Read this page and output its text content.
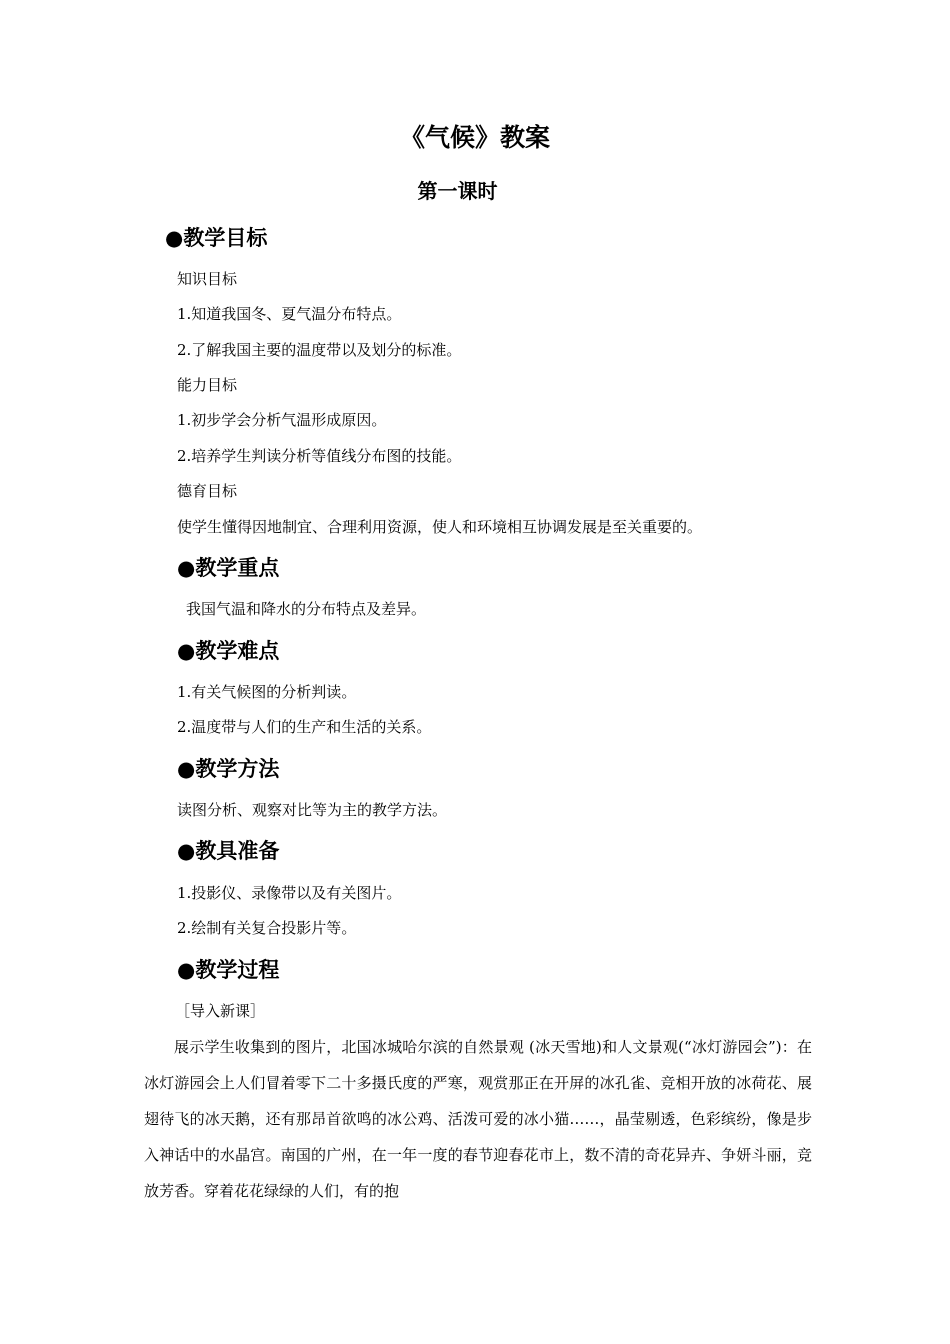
《气候》教案
第一课时
●教学目标
知识目标
1.知道我国冬、夏气温分布特点。
2.了解我国主要的温度带以及划分的标准。
能力目标
1.初步学会分析气温形成原因。
2.培养学生判读分析等值线分布图的技能。
德育目标
使学生懂得因地制宜、合理利用资源，使人和环境相互协调发展是至关重要的。
●教学重点
我国气温和降水的分布特点及差异。
●教学难点
1.有关气候图的分析判读。
2.温度带与人们的生产和生活的关系。
●教学方法
读图分析、观察对比等为主的教学方法。
●教具准备
1.投影仪、录像带以及有关图片。
2.绘制有关复合投影片等。
●教学过程
［导入新课］
展示学生收集到的图片，北国冰城哈尔滨的自然景观 (冰天雪地)和人文景观(“冰灯游园会”)：在冰灯游园会上人们冒着零下二十多摄氏度的严寒，观赏那正在开屏的冰孔雀、竞相开放的冰荷花、展翅待飞的冰天鹅，还有那昂首欲鸣的冰公鸡、活泼可爱的冰小猫……，晶莹剔透，色彩缤纷，像是步入神话中的水晶宫。南国的广州，在一年一度的春节迎春花市上，数不清的奇花异卉、争妍斗丽，竞放芳香。穿着花花绿绿的人们，有的抱
